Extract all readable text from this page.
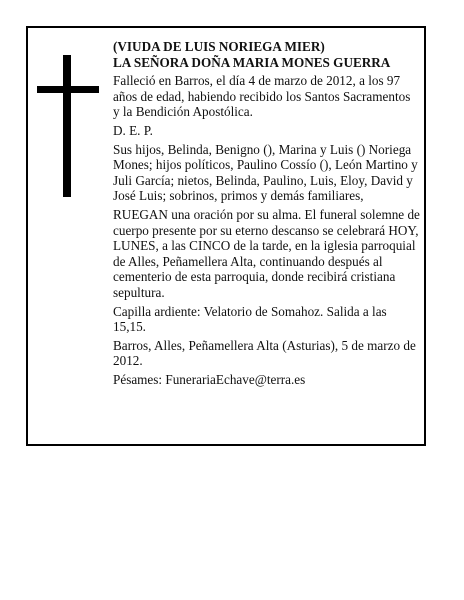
(VIUDA DE LUIS NORIEGA MIER)

LA SEÑORA DOÑA MARIA MONES GUERRA

Falleció en Barros, el día 4 de marzo de 2012, a los 97 años de edad, habiendo recibido los Santos Sacramentos

y la Bendición Apostólica.

D. E. P.

Sus hijos, Belinda, Benigno (), Marina y Luis () Noriega Mones; hijos políticos, Paulino Cossío (), León Martino y Juli García; nietos, Belinda, Paulino, Luis, Eloy, David y José Luis; sobrinos, primos y demás familiares,

RUEGAN una oración por su alma. El funeral solemne de cuerpo presente por su eterno descanso se celebrará HOY, LUNES, a las CINCO de la tarde, en la iglesia parroquial de Alles, Peñamellera Alta, continuando después al cementerio de esta parroquia, donde recibirá cristiana sepultura.

Capilla ardiente: Velatorio de Somahoz. Salida a las 15,15.

Barros, Alles, Peñamellera Alta (Asturias), 5 de marzo de 2012.

Pésames: FunerariaEchave@terra.es
